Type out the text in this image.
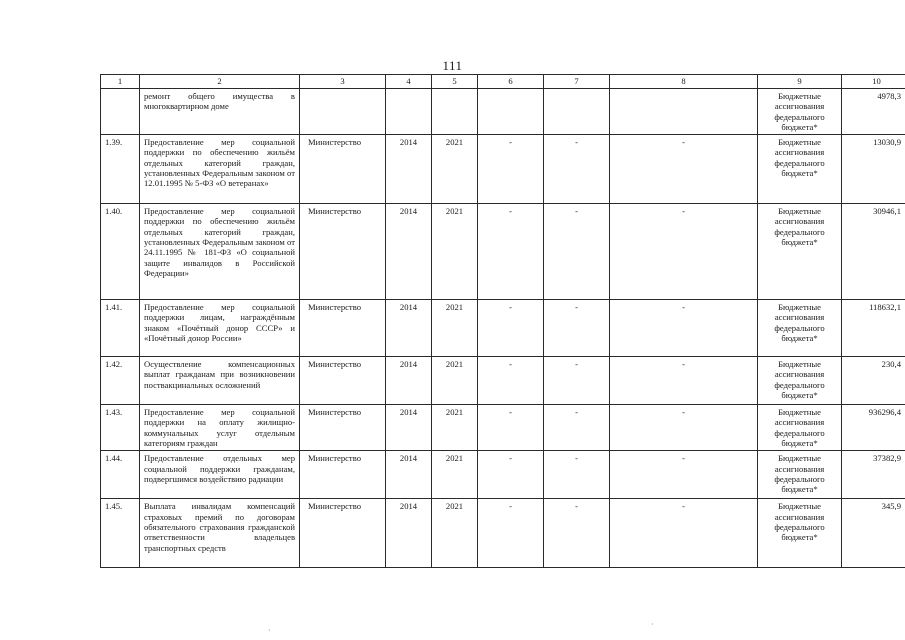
111
1	2	3	4	5	6	7	8	9	10
	ремонт общего имущества в многоквартирном доме							Бюджетные ассигнования федерального бюджета*	4978,3
1.39.	Предоставление мер социальной поддержки по обеспечению жильём отдельных категорий граждан, установленных Федеральным законом от 12.01.1995 № 5-ФЗ «О ветеранах»	Министерство	2014	2021	-	-	-	Бюджетные ассигнования федерального бюджета*	13030,9
1.40.	Предоставление мер социальной поддержки по обеспечению жильём отдельных категорий граждан, установленных Федеральным законом от 24.11.1995 № 181-ФЗ «О социальной защите инвалидов в Российской Федерации»	Министерство	2014	2021	-	-	-	Бюджетные ассигнования федерального бюджета*	30946,1
1.41.	Предоставление мер социальной поддержки лицам, награждённым знаком «Почётный донор СССР» и «Почётный донор России»	Министерство	2014	2021	-	-	-	Бюджетные ассигнования федерального бюджета*	118632,1
1.42.	Осуществление компенсационных выплат гражданам при возникновении поствакцинальных осложнений	Министерство	2014	2021	-	-	-	Бюджетные ассигнования федерального бюджета*	230,4
1.43.	Предоставление мер социальной поддержки на оплату жилищно-коммунальных услуг отдельным категориям граждан	Министерство	2014	2021	-	-	-	Бюджетные ассигнования федерального бюджета*	936296,4
1.44.	Предоставление отдельных мер социальной поддержки гражданам, подвергшимся воздействию радиации	Министерство	2014	2021	-	-	-	Бюджетные ассигнования федерального бюджета*	37382,9
1.45.	Выплата инвалидам компенсаций страховых премий по договорам обязательного страхования гражданской ответственности владельцев транспортных средств	Министерство	2014	2021	-	-	-	Бюджетные ассигнования федерального бюджета*	345,9
·
·
